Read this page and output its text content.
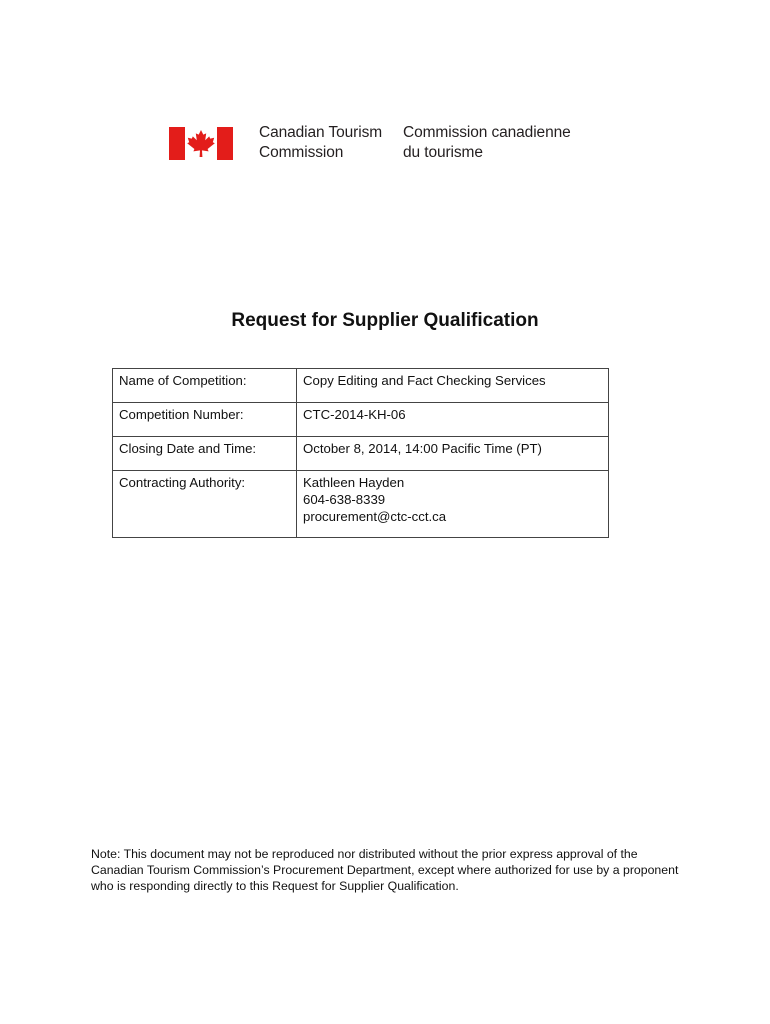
Canadian Tourism
Commission
Commission canadienne
du tourisme
Request for Supplier Qualification
Name of Competition:	Copy Editing and Fact Checking Services
Competition Number:	CTC-2014-KH-06
Closing Date and Time:	October 8, 2014, 14:00 Pacific Time (PT)
Contracting Authority:	Kathleen Hayden
604-638-8339
procurement@ctc-cct.ca
Note: This document may not be reproduced nor distributed without the prior express approval of the Canadian Tourism Commission’s Procurement Department, except where authorized for use by a proponent who is responding directly to this Request for Supplier Qualification.
